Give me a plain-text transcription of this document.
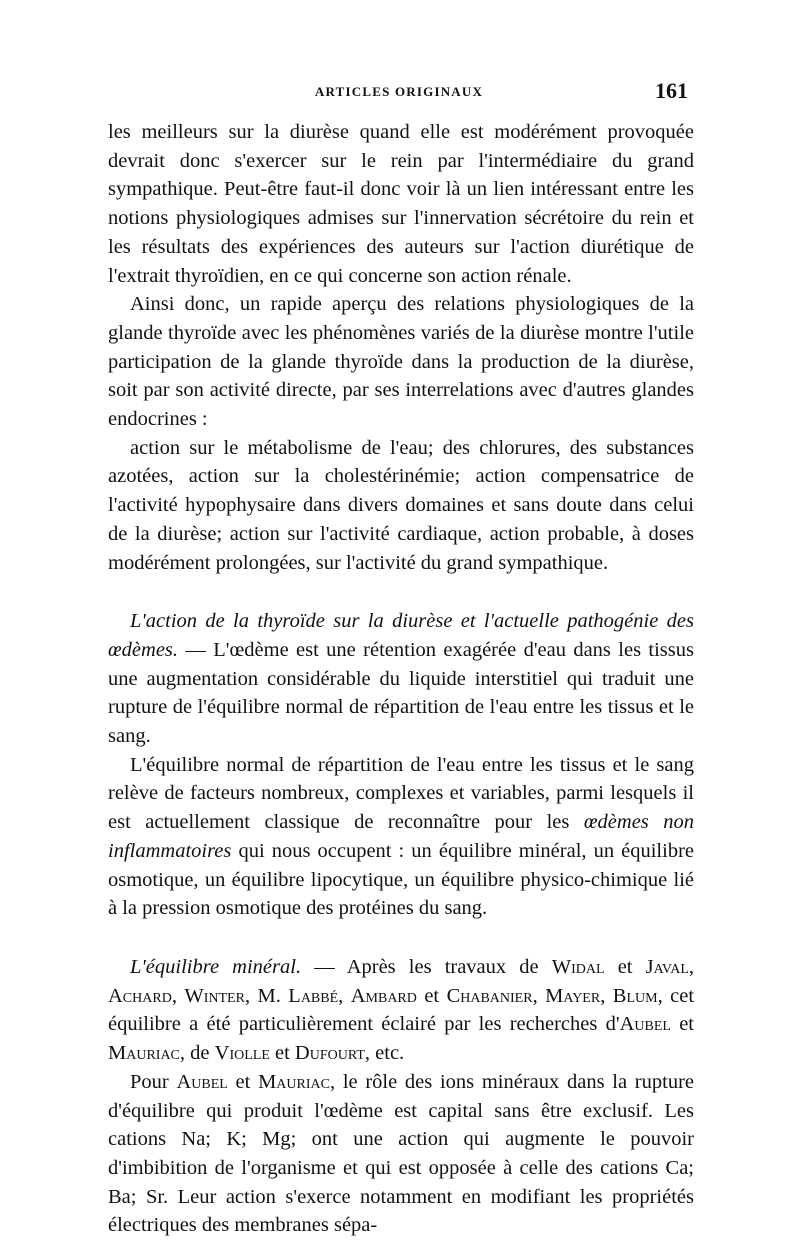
ARTICLES ORIGINAUX	161

les meilleurs sur la diurèse quand elle est modérément provoquée devrait donc s'exercer sur le rein par l'intermédiaire du grand sympathique. Peut-être faut-il donc voir là un lien intéressant entre les notions physiologiques admises sur l'innervation sécrétoire du rein et les résultats des expériences des auteurs sur l'action diurétique de l'extrait thyroïdien, en ce qui concerne son action rénale.

Ainsi donc, un rapide aperçu des relations physiologiques de la glande thyroïde avec les phénomènes variés de la diurèse montre l'utile participation de la glande thyroïde dans la production de la diurèse, soit par son activité directe, par ses interrelations avec d'autres glandes endocrines :

action sur le métabolisme de l'eau; des chlorures, des substances azotées, action sur la cholestérinémie; action compensatrice de l'activité hypophysaire dans divers domaines et sans doute dans celui de la diurèse; action sur l'activité cardiaque, action probable, à doses modérément prolongées, sur l'activité du grand sympathique.

L'action de la thyroïde sur la diurèse et l'actuelle pathogénie des œdèmes. — L'œdème est une rétention exagérée d'eau dans les tissus une augmentation considérable du liquide interstitiel qui traduit une rupture de l'équilibre normal de répartition de l'eau entre les tissus et le sang.

L'équilibre normal de répartition de l'eau entre les tissus et le sang relève de facteurs nombreux, complexes et variables, parmi lesquels il est actuellement classique de reconnaître pour les œdèmes non inflammatoires qui nous occupent : un équilibre minéral, un équilibre osmotique, un équilibre lipocytique, un équilibre physico-chimique lié à la pression osmotique des protéines du sang.

L'équilibre minéral. — Après les travaux de Widal et Javal, Achard, Winter, M. Labbé, Ambard et Chabanier, Mayer, Blum, cet équilibre a été particulièrement éclairé par les recherches d'Aubel et Mauriac, de Violle et Dufourt, etc.

Pour Aubel et Mauriac, le rôle des ions minéraux dans la rupture d'équilibre qui produit l'œdème est capital sans être exclusif. Les cations Na; K; Mg; ont une action qui augmente le pouvoir d'imbibition de l'organisme et qui est opposée à celle des cations Ca; Ba; Sr. Leur action s'exerce notamment en modifiant les propriétés électriques des membranes sépa-
